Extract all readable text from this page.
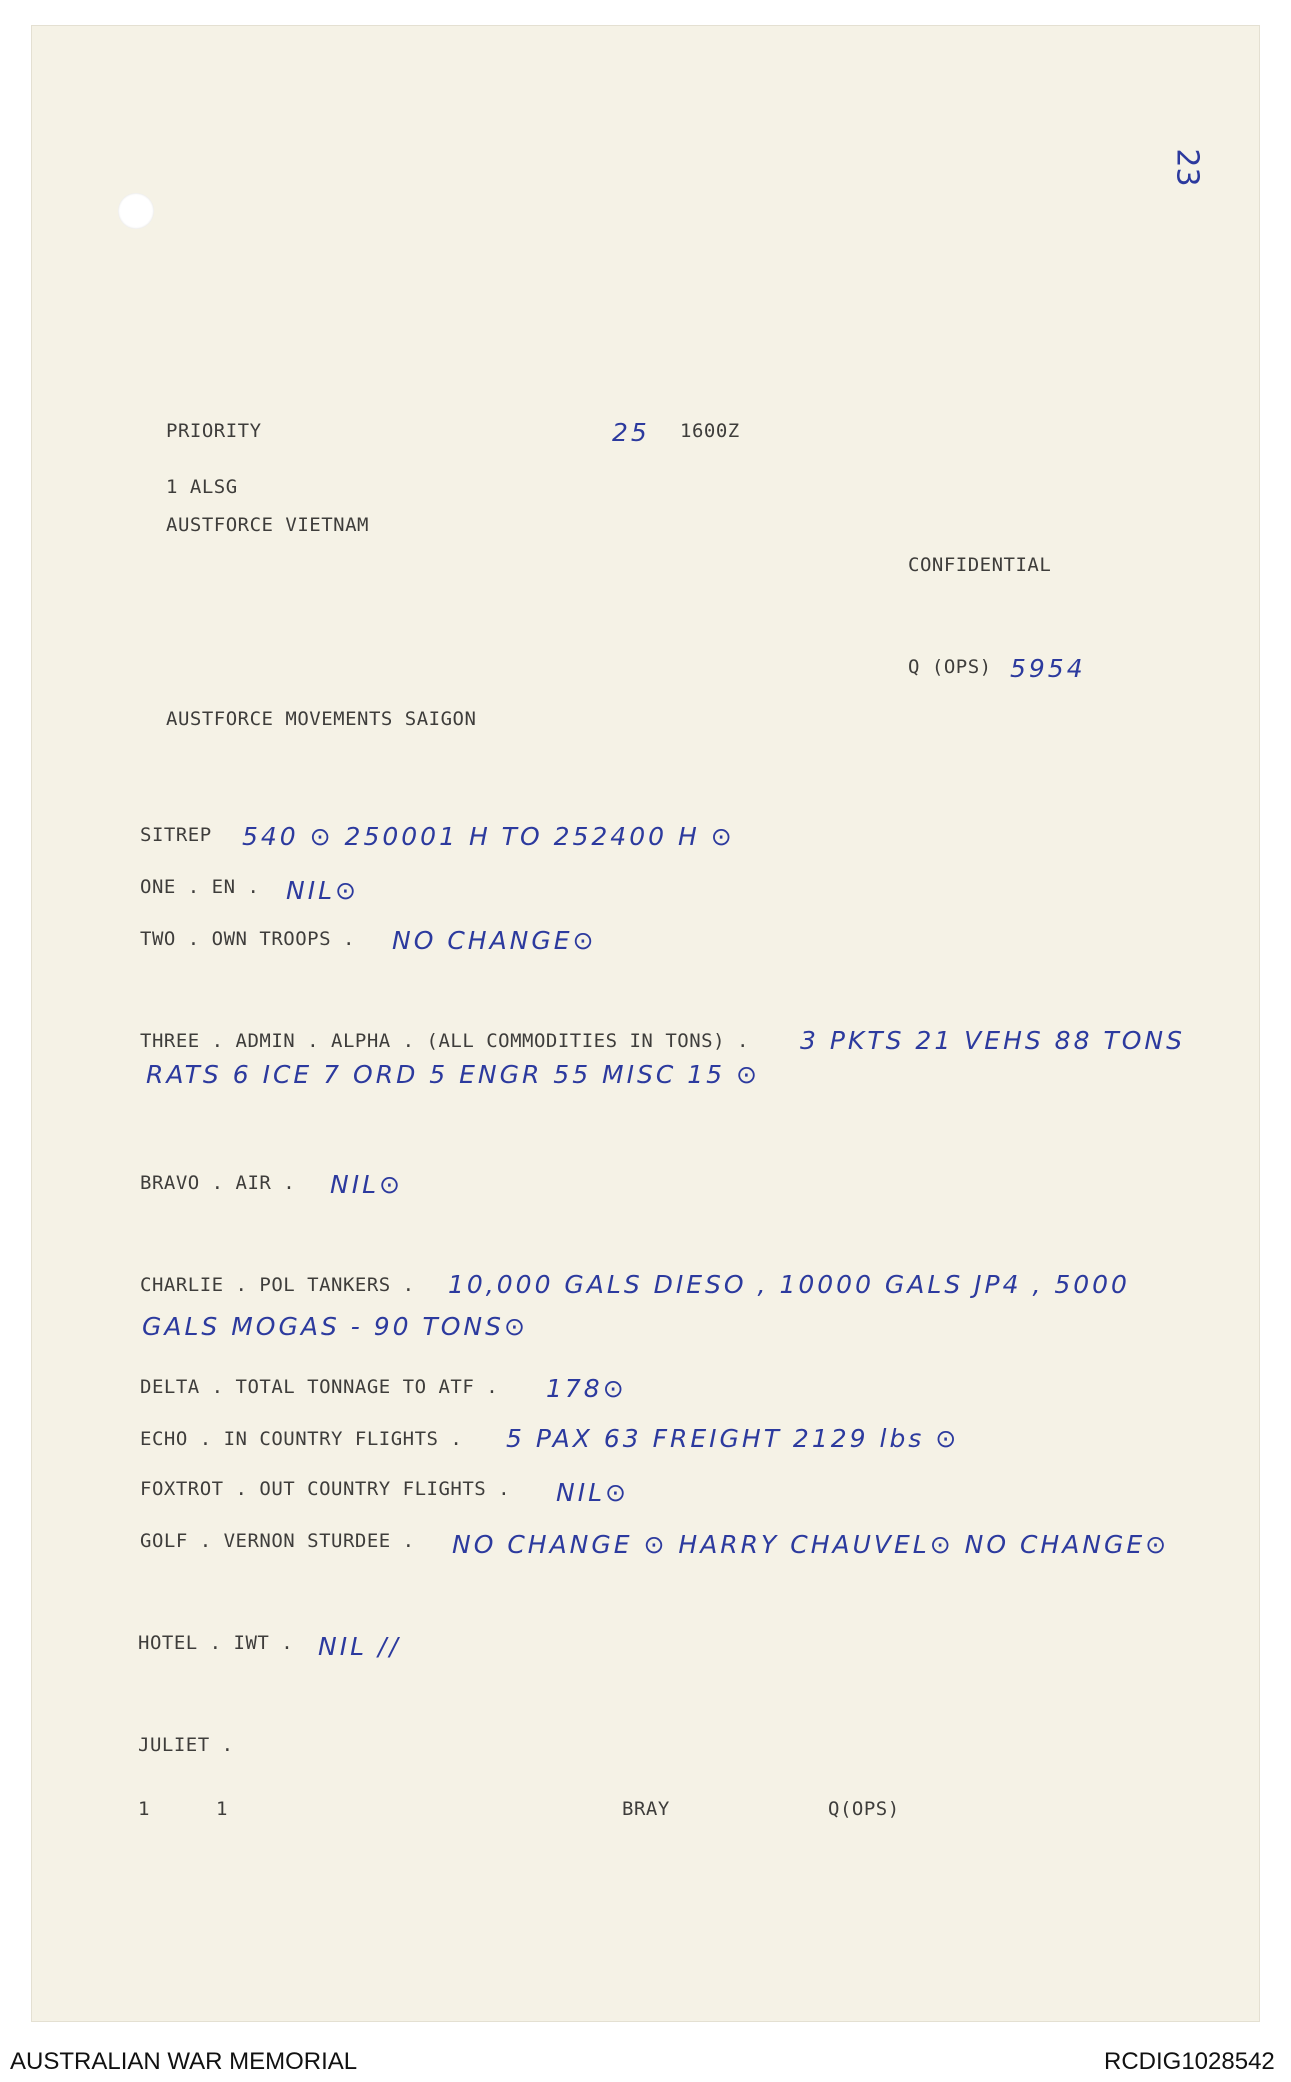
23
PRIORITY	25 1600Z
1 ALSG
AUSTFORCE VIETNAM
CONFIDENTIAL
Q (OPS) 5954
AUSTFORCE MOVEMENTS SAIGON
SITREP 540 ⊙ 250001 H TO 252400 H ⊙
ONE . EN . NIL⊙
TWO . OWN TROOPS . NO CHANGE⊙
THREE . ADMIN . ALPHA . (ALL COMMODITIES IN TONS) . 3 PKTS 21 VEHS 88 TONS
RATS 6 ICE 7 ORD 5 ENGR 55 MISC 15 ⊙
BRAVO . AIR . NIL⊙
CHARLIE . POL TANKERS . 10,000 GALS DIESO , 10000 GALS JP4 , 5000
GALS MOGAS - 90 TONS⊙
DELTA . TOTAL TONNAGE TO ATF . 178⊙
ECHO . IN COUNTRY FLIGHTS . 5 PAX 63 FREIGHT 2129 lbs ⊙
FOXTROT . OUT COUNTRY FLIGHTS . NIL⊙
GOLF . VERNON STURDEE . NO CHANGE ⊙ HARRY CHAUVEL⊙ NO CHANGE⊙
HOTEL . IWT . NIL //
JULIET .
1	1	BRAY	Q(OPS)
AUSTRALIAN WAR MEMORIAL	RCDIG1028542
